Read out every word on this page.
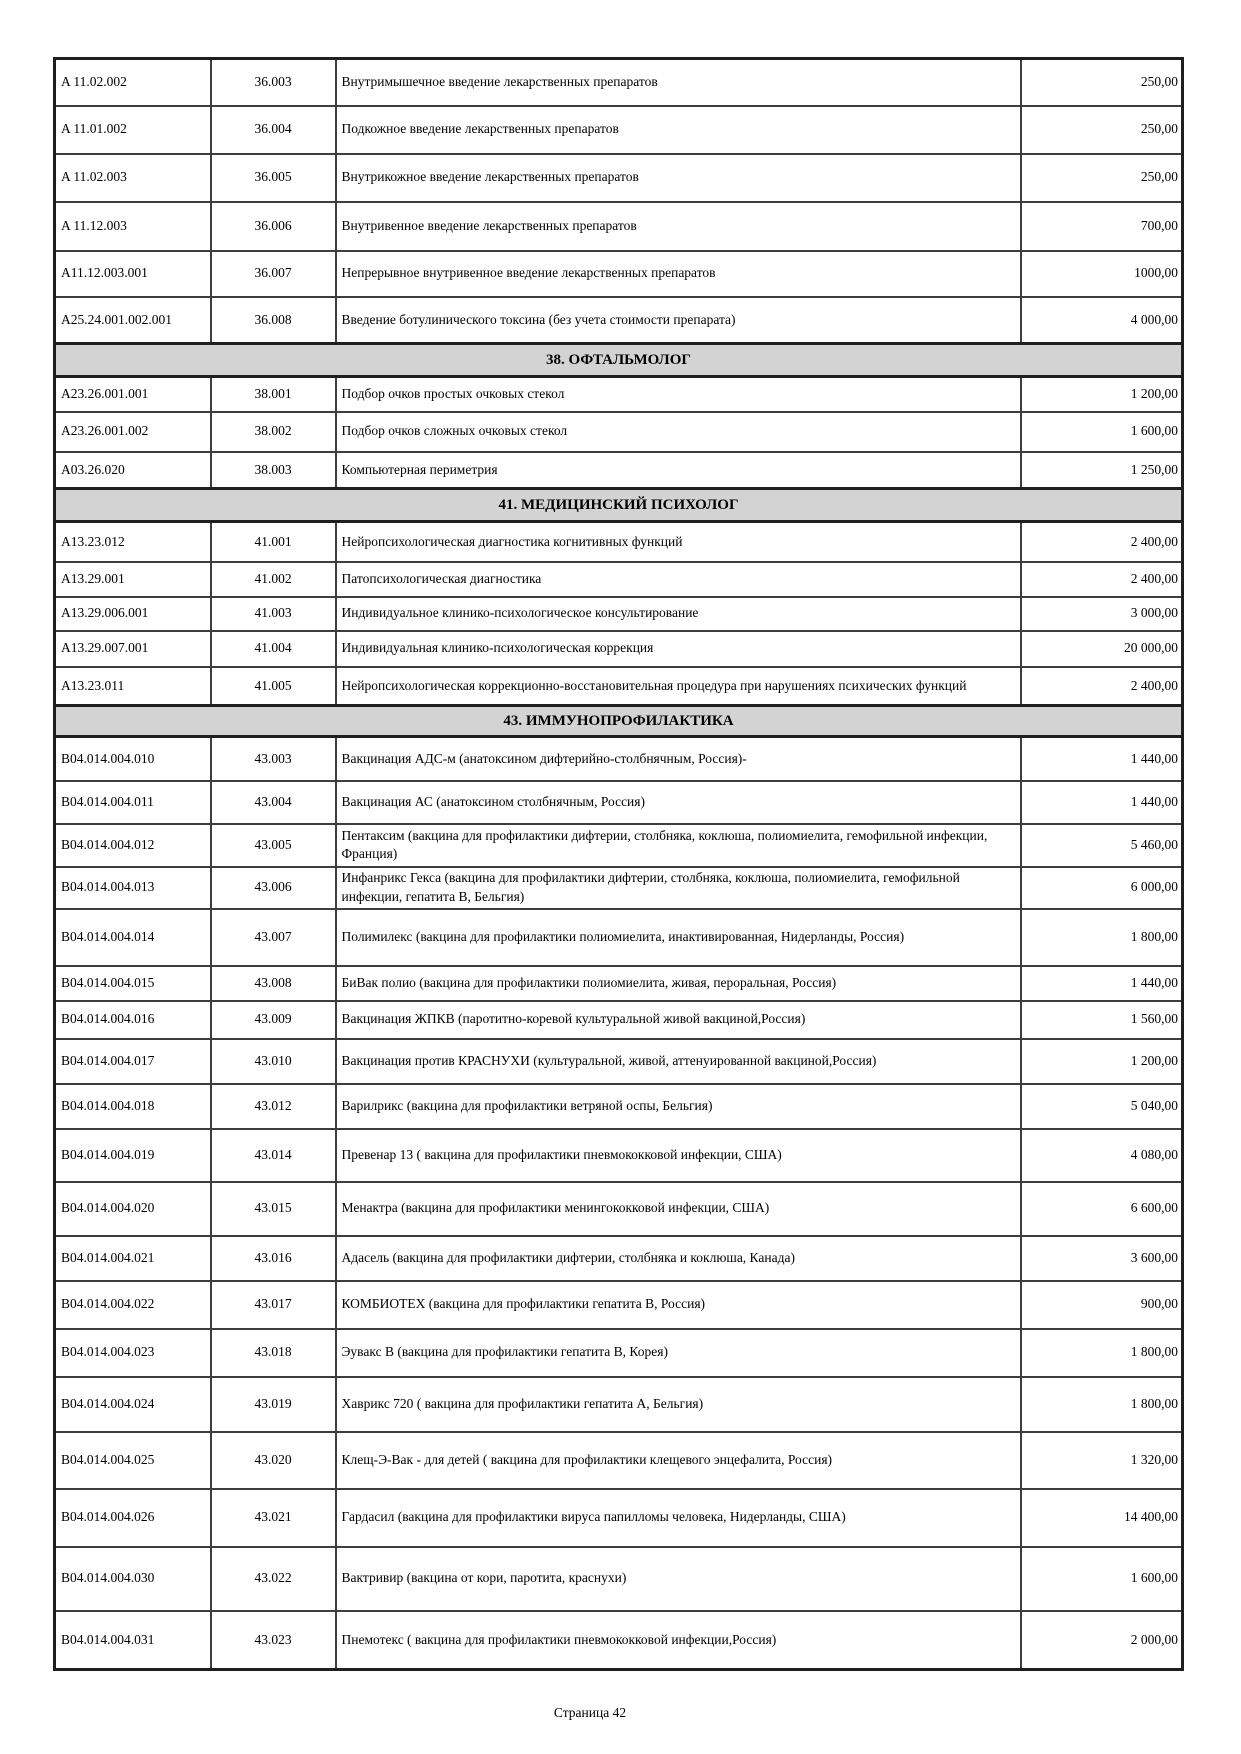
A 11.02.002	36.003	Внутримышечное введение лекарственных препаратов	250,00
A 11.01.002	36.004	Подкожное введение лекарственных препаратов	250,00
A 11.02.003	36.005	Внутрикожное введение лекарственных препаратов	250,00
A 11.12.003	36.006	Внутривенное введение лекарственных препаратов	700,00
A11.12.003.001	36.007	Непрерывное внутривенное введение лекарственных препаратов	1000,00
A25.24.001.002.001	36.008	Введение ботулинического токсина (без учета стоимости препарата)	4 000,00
38. ОФТАЛЬМОЛОГ			
A23.26.001.001	38.001	Подбор очков простых очковых стекол	1 200,00
A23.26.001.002	38.002	Подбор очков сложных очковых стекол	1 600,00
A03.26.020	38.003	Компьютерная периметрия	1 250,00
41. МЕДИЦИНСКИЙ ПСИХОЛОГ			
A13.23.012	41.001	Нейропсихологическая диагностика когнитивных функций	2 400,00
A13.29.001	41.002	Патопсихологическая диагностика	2 400,00
A13.29.006.001	41.003	Индивидуальное клинико-психологическое консультирование	3 000,00
A13.29.007.001	41.004	Индивидуальная клинико-психологическая коррекция	20 000,00
A13.23.011	41.005	Нейропсихологическая коррекционно-восстановительная процедура при нарушениях психических функций	2 400,00
43. ИММУНОПРОФИЛАКТИКА			
B04.014.004.010	43.003	Вакцинация АДС-м (анатоксином дифтерийно-столбнячным, Россия)-	1 440,00
B04.014.004.011	43.004	Вакцинация АС (анатоксином столбнячным, Россия)	1 440,00
B04.014.004.012	43.005	Пентаксим (вакцина для профилактики дифтерии, столбняка, коклюша, полиомиелита, гемофильной инфекции, Франция)	5 460,00
B04.014.004.013	43.006	Инфанрикс Гекса (вакцина для профилактики дифтерии, столбняка, коклюша, полиомиелита, гемофильной инфекции, гепатита В, Бельгия)	6 000,00
B04.014.004.014	43.007	Полимилекс (вакцина для профилактики полиомиелита, инактивированная, Нидерланды, Россия)	1 800,00
B04.014.004.015	43.008	БиВак полио (вакцина для профилактики полиомиелита, живая, пероральная, Россия)	1 440,00
B04.014.004.016	43.009	Вакцинация ЖПКВ (паротитно-коревой культуральной живой вакциной,Россия)	1 560,00
B04.014.004.017	43.010	Вакцинация против КРАСНУХИ (культуральной, живой, аттенуированной вакциной,Россия)	1 200,00
B04.014.004.018	43.012	Варилрикс (вакцина для профилактики ветряной оспы, Бельгия)	5 040,00
B04.014.004.019	43.014	Превенар 13 ( вакцина для профилактики пневмококковой инфекции, США)	4 080,00
B04.014.004.020	43.015	Менактра (вакцина для профилактики менингококковой инфекции, США)	6 600,00
B04.014.004.021	43.016	Адасель (вакцина для профилактики дифтерии, столбняка и коклюша, Канада)	3 600,00
B04.014.004.022	43.017	КОМБИОТЕХ (вакцина для профилактики гепатита В, Россия)	900,00
B04.014.004.023	43.018	Эувакс В (вакцина для профилактики гепатита В, Корея)	1 800,00
B04.014.004.024	43.019	Хаврикс 720 ( вакцина для профилактики гепатита А, Бельгия)	1 800,00
B04.014.004.025	43.020	Клещ-Э-Вак - для детей ( вакцина для профилактики клещевого энцефалита, Россия)	1 320,00
B04.014.004.026	43.021	Гардасил (вакцина для профилактики вируса папилломы человека, Нидерланды, США)	14 400,00
B04.014.004.030	43.022	Вактривир (вакцина от кори, паротита, краснухи)	1 600,00
B04.014.004.031	43.023	Пнемотекс ( вакцина для профилактики пневмококковой инфекции,Россия)	2 000,00
Страница 42
